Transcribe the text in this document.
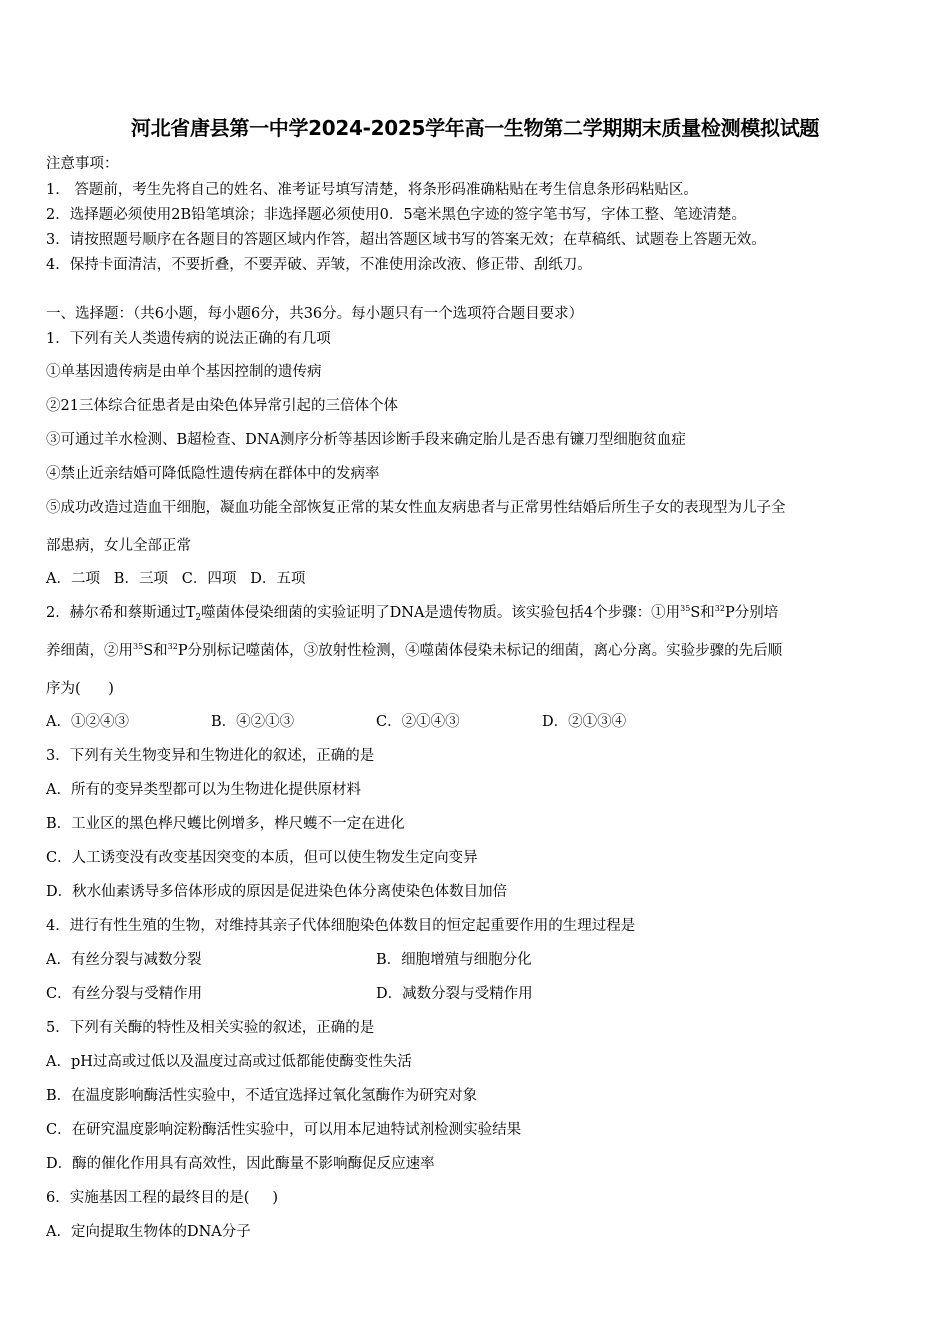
河北省唐县第一中学2024-2025学年高一生物第二学期期末质量检测模拟试题
注意事项：
1． 答题前，考生先将自己的姓名、准考证号填写清楚，将条形码准确粘贴在考生信息条形码粘贴区。
2．选择题必须使用2B铅笔填涂；非选择题必须使用0．5毫米黑色字迹的签字笔书写，字体工整、笔迹清楚。
3．请按照题号顺序在各题目的答题区域内作答，超出答题区域书写的答案无效；在草稿纸、试题卷上答题无效。
4．保持卡面清洁，不要折叠，不要弄破、弄皱，不准使用涂改液、修正带、刮纸刀。
一、选择题：（共6小题，每小题6分，共36分。每小题只有一个选项符合题目要求）
1．下列有关人类遗传病的说法正确的有几项
①单基因遗传病是由单个基因控制的遗传病
②21三体综合征患者是由染色体异常引起的三倍体个体
③可通过羊水检测、B超检查、DNA测序分析等基因诊断手段来确定胎儿是否患有镰刀型细胞贫血症
④禁止近亲结婚可降低隐性遗传病在群体中的发病率
⑤成功改造过造血干细胞，凝血功能全部恢复正常的某女性血友病患者与正常男性结婚后所生子女的表现型为儿子全
部患病，女儿全部正常
A．二项   B．三项   C．四项   D．五项
2．赫尔希和蔡斯通过$T_2$噬菌体侵染细菌的实验证明了DNA是遗传物质。该实验包括4个步骤：①用$^{35}$S和$^{32}$P分别培
养细菌，②用$^{35}$S和$^{32}$P分别标记噬菌体，③放射性检测，④噬菌体侵染未标记的细菌，离心分离。实验步骤的先后顺
序为(      )
A．①②④③	B．④②①③	C．②①④③	D．②①③④
3．下列有关生物变异和生物进化的叙述，正确的是
A．所有的变异类型都可以为生物进化提供原材料
B．工业区的黑色桦尺蠖比例增多，桦尺蠖不一定在进化
C．人工诱变没有改变基因突变的本质，但可以使生物发生定向变异
D．秋水仙素诱导多倍体形成的原因是促进染色体分离使染色体数目加倍
4．进行有性生殖的生物，对维持其亲子代体细胞染色体数目的恒定起重要作用的生理过程是
A．有丝分裂与减数分裂	B．细胞增殖与细胞分化
C．有丝分裂与受精作用	D．减数分裂与受精作用
5．下列有关酶的特性及相关实验的叙述，正确的是
A．pH过高或过低以及温度过高或过低都能使酶变性失活
B．在温度影响酶活性实验中，不适宜选择过氧化氢酶作为研究对象
C．在研究温度影响淀粉酶活性实验中，可以用本尼迪特试剂检测实验结果
D．酶的催化作用具有高效性，因此酶量不影响酶促反应速率
6．实施基因工程的最终目的是(     )
A．定向提取生物体的DNA分子
